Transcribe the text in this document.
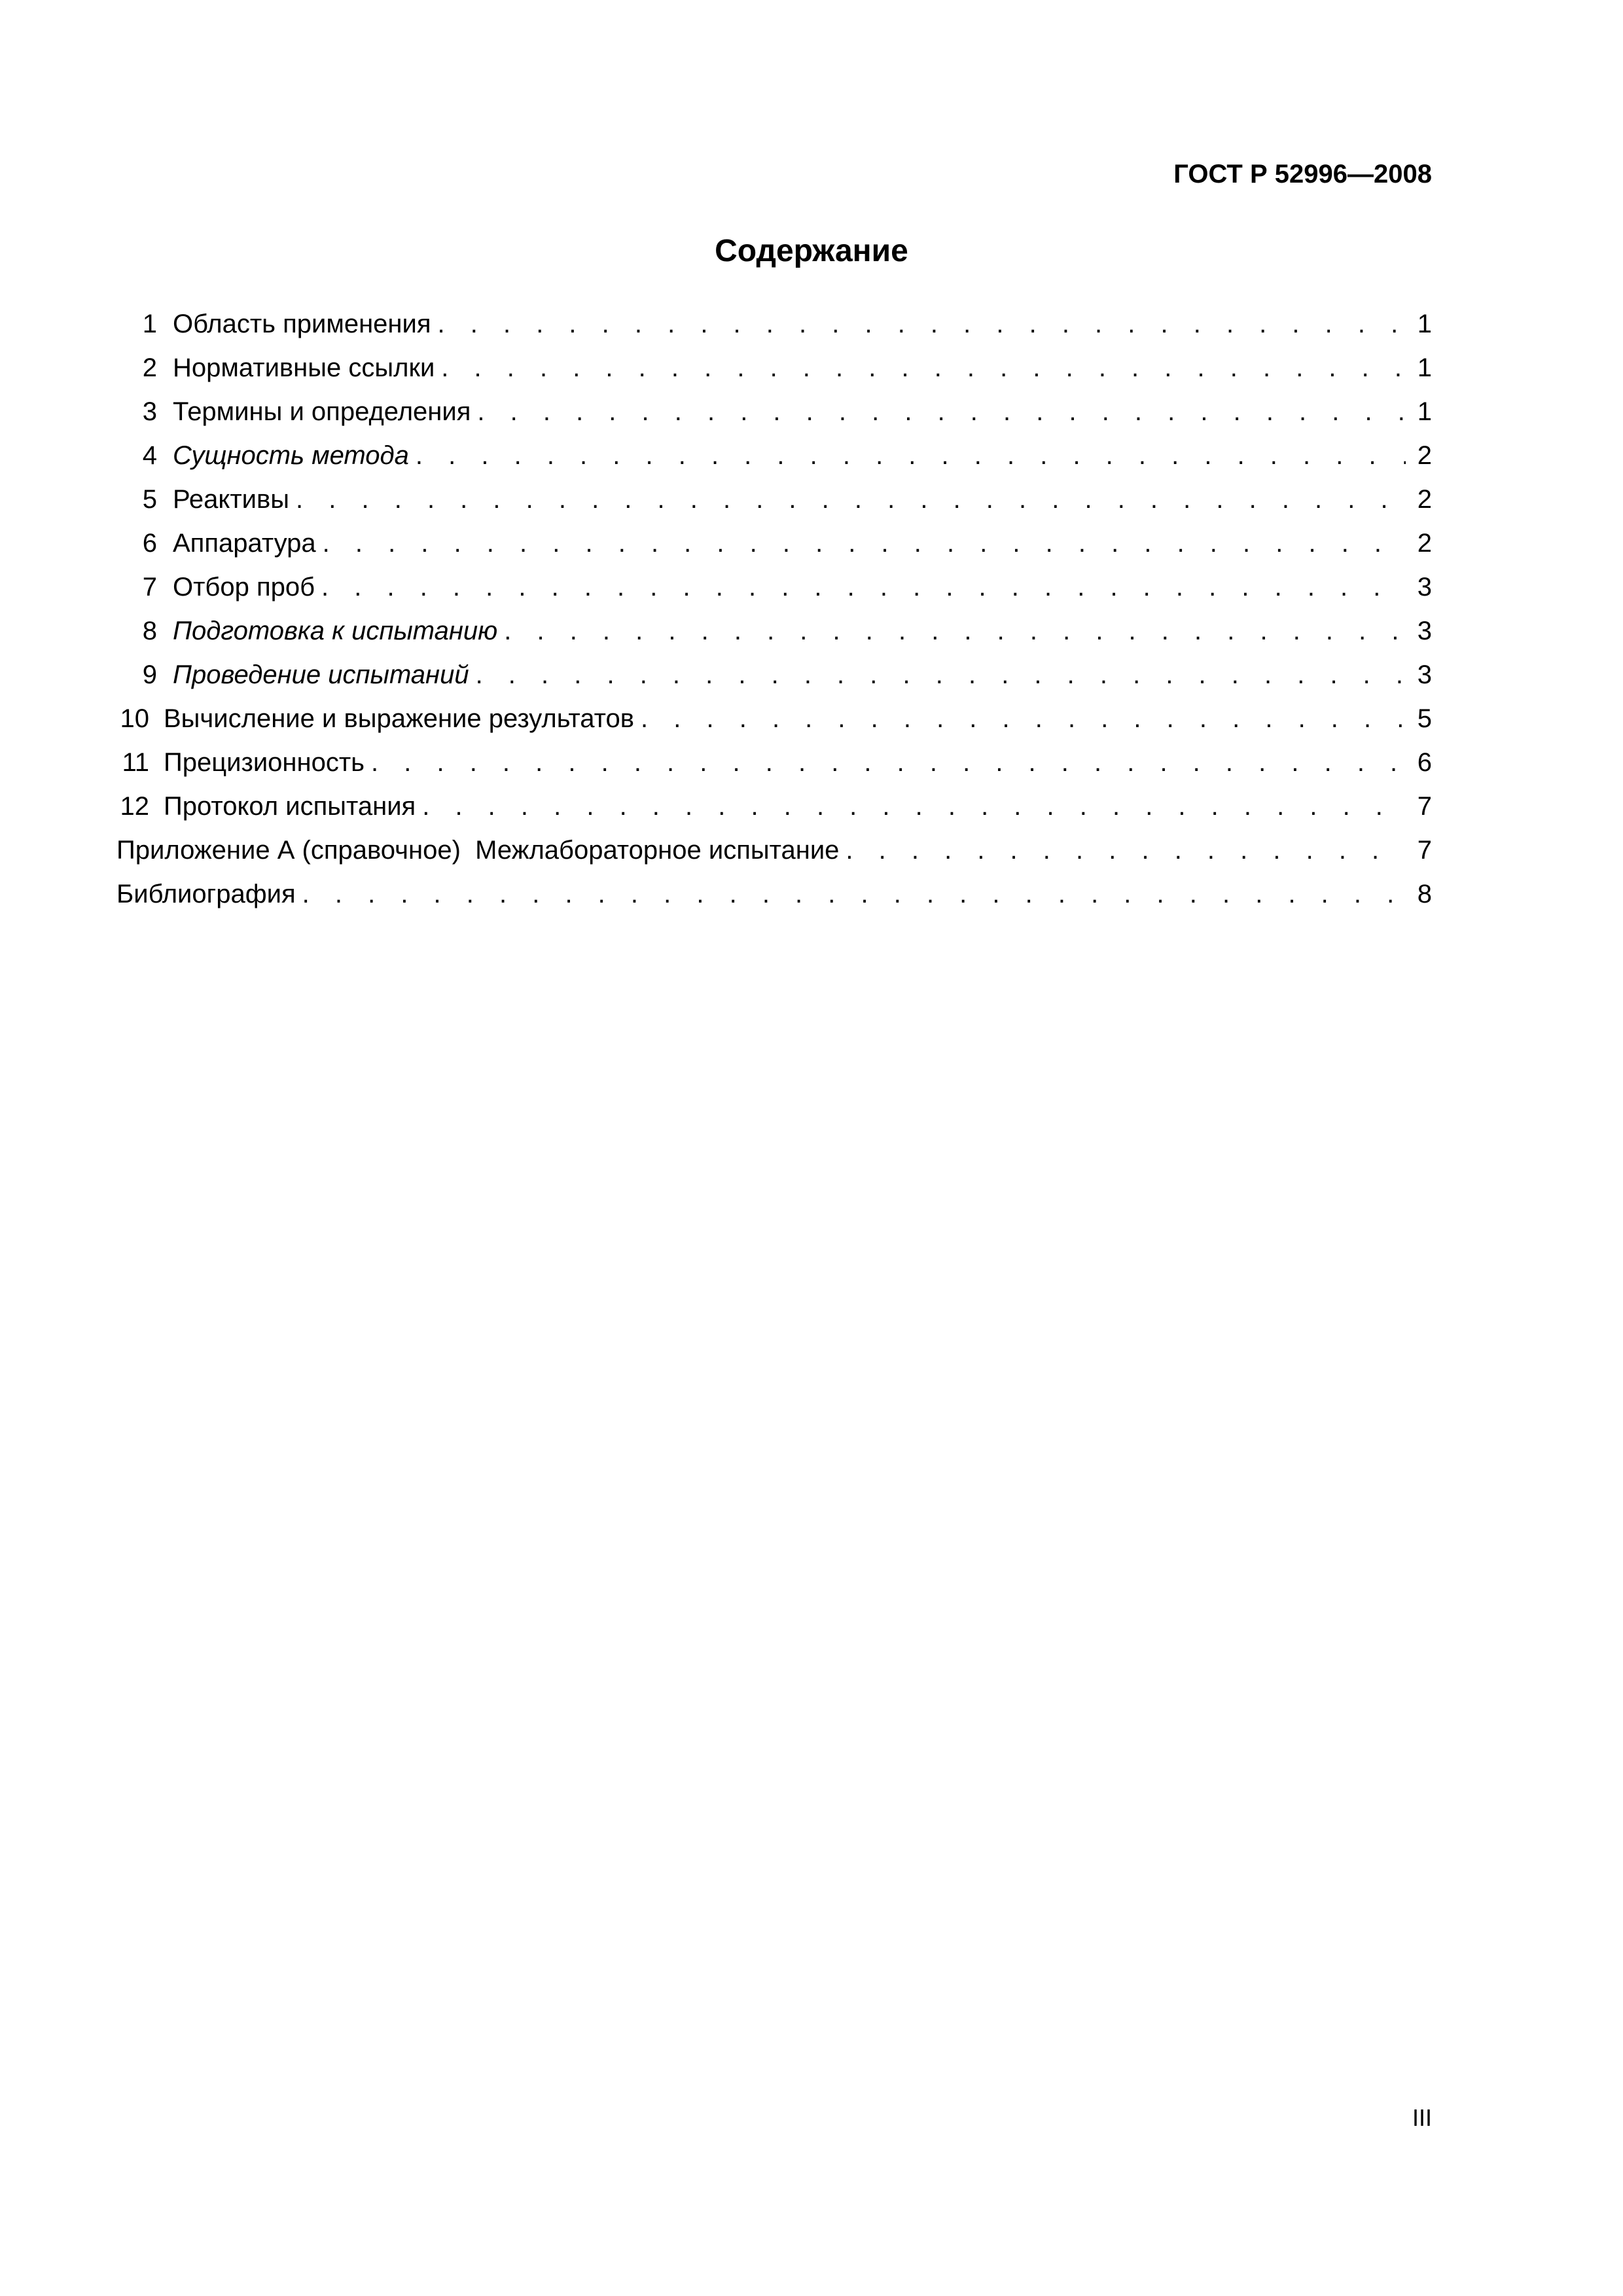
ГОСТ Р 52996—2008
Содержание
1 Область применения . . .	1
2 Нормативные ссылки . . .	1
3 Термины и определения . . .	1
4 Сущность метода . . .	2
5 Реактивы . . .	2
6 Аппаратура . . .	2
7 Отбор проб . . .	3
8 Подготовка к испытанию . . .	3
9 Проведение испытаний . . .	3
10 Вычисление и выражение результатов . . .	5
11 Прецизионность . . .	6
12 Протокол испытания . . .	7
Приложение А (справочное)  Межлабораторное испытание . . .	7
Библиография . . .	8
III
